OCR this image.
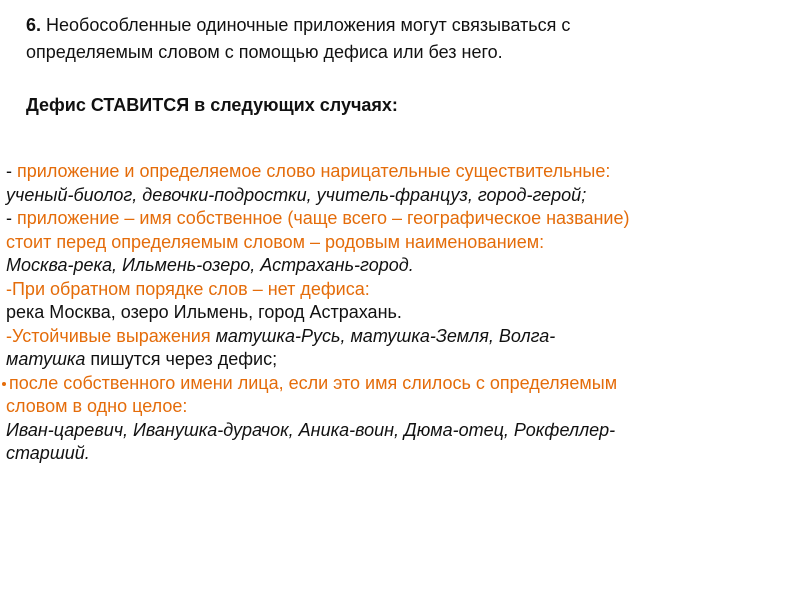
6. Необособленные одиночные приложения могут связываться с
определяемым словом с помощью дефиса или без него.
Дефис СТАВИТСЯ в следующих случаях:
- приложение и определяемое слово нарицательные существительные:
ученый-биолог, девочки-подростки, учитель-француз, город-герой;
- приложение – имя собственное (чаще всего – географическое название)
стоит перед определяемым словом – родовым наименованием:
Москва-река, Ильмень-озеро, Астрахань-город.
-При обратном порядке слов – нет дефиса:
река Москва, озеро Ильмень, город Астрахань.
-Устойчивые выражения матушка-Русь, матушка-Земля, Волга-
матушка пишутся через дефис;
после собственного имени лица, если это имя слилось с определяемым
словом в одно целое:
Иван-царевич, Иванушка-дурачок, Аника-воин, Дюма-отец, Рокфеллер-
старший.
